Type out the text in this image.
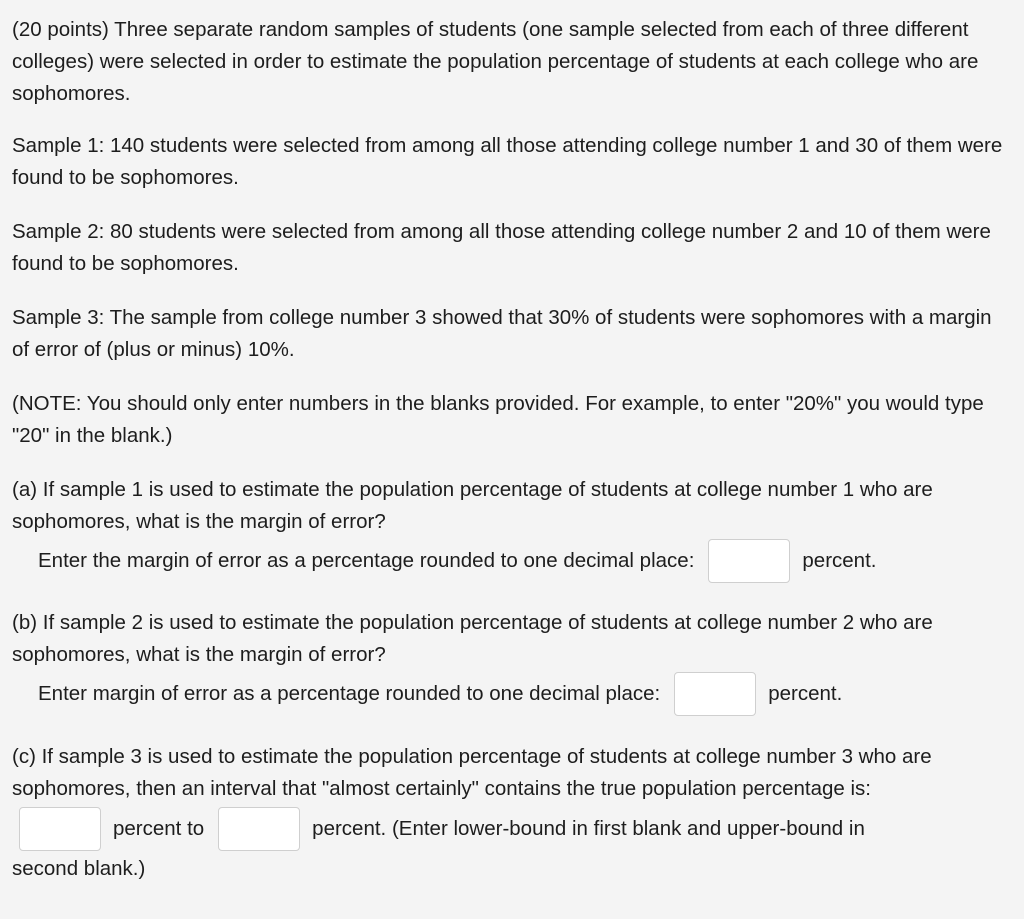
(20 points) Three separate random samples of students (one sample selected from each of three different colleges) were selected in order to estimate the population percentage of students at each college who are sophomores.

Sample 1: 140 students were selected from among all those attending college number 1 and 30 of them were found to be sophomores.

Sample 2: 80 students were selected from among all those attending college number 2 and 10 of them were found to be sophomores.

Sample 3: The sample from college number 3 showed that 30% of students were sophomores with a margin of error of (plus or minus) 10%.

(NOTE: You should only enter numbers in the blanks provided. For example, to enter "20%" you would type "20" in the blank.)

(a) If sample 1 is used to estimate the population percentage of students at college number 1 who are sophomores, what is the margin of error?

Enter the margin of error as a percentage rounded to one decimal place:	percent.

(b) If sample 2 is used to estimate the population percentage of students at college number 2 who are sophomores, what is the margin of error?

Enter margin of error as a percentage rounded to one decimal place:	percent.

(c) If sample 3 is used to estimate the population percentage of students at college number 3 who are sophomores, then an interval that "almost certainly" contains the true population percentage is:

percent to	percent. (Enter lower-bound in first blank and upper-bound in

second blank.)
